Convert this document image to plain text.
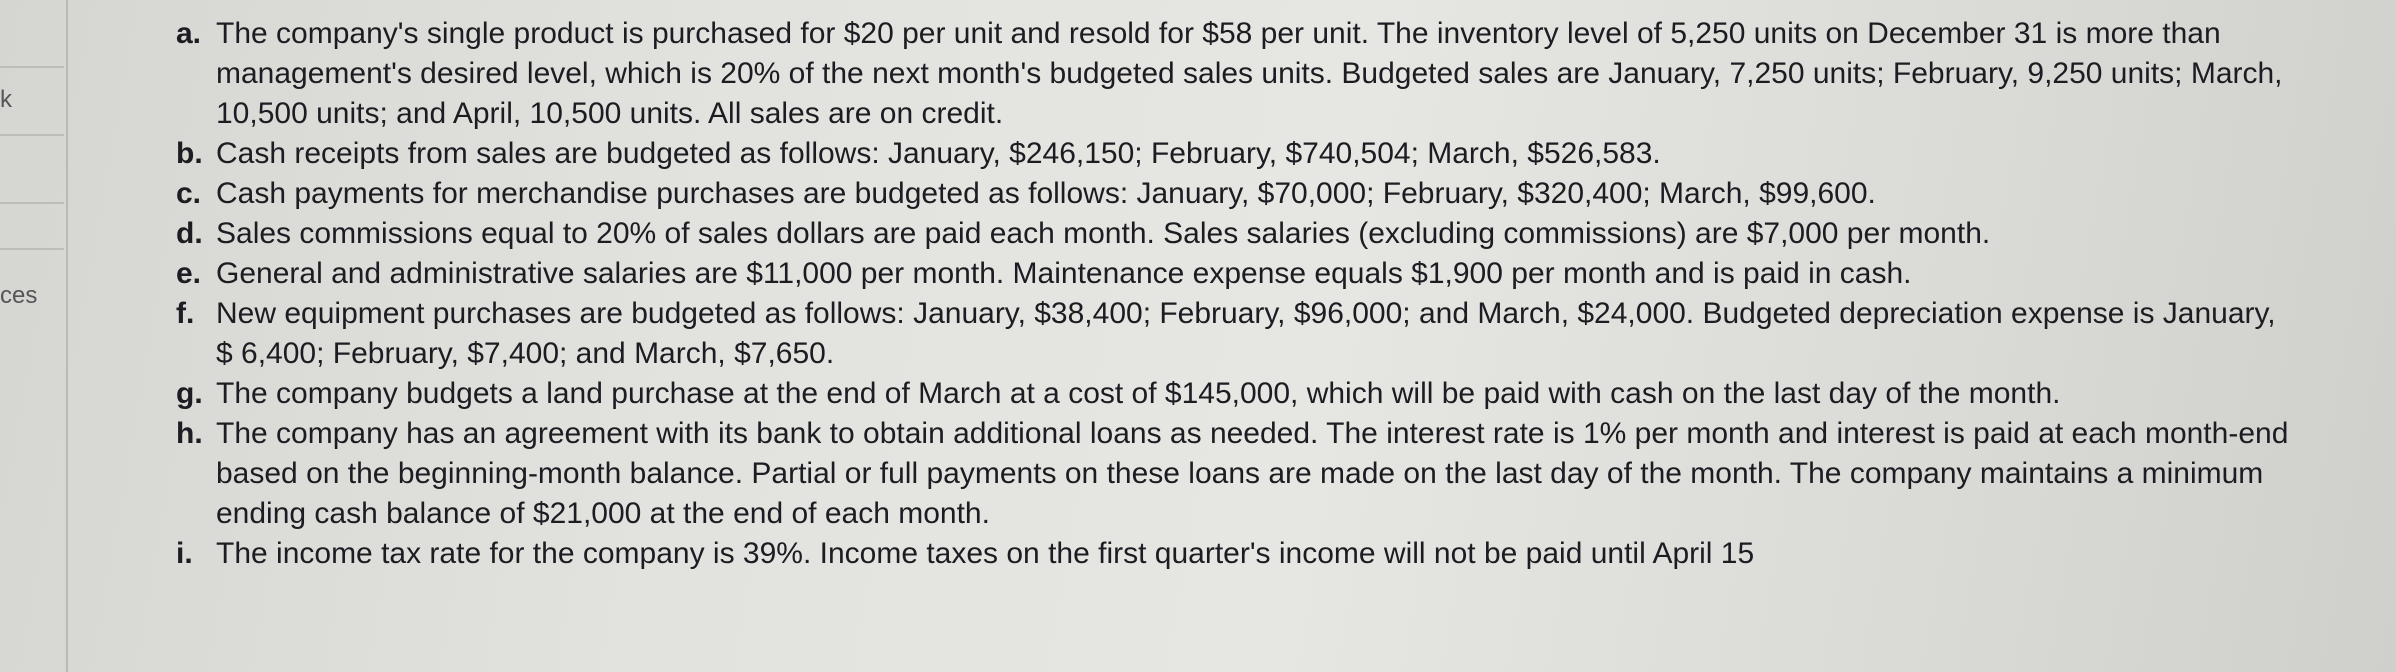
k
ces
a. The company's single product is purchased for $20 per unit and resold for $58 per unit. The inventory level of 5,250 units on December 31 is more than management's desired level, which is 20% of the next month's budgeted sales units. Budgeted sales are January, 7,250 units; February, 9,250 units; March, 10,500 units; and April, 10,500 units. All sales are on credit.
b. Cash receipts from sales are budgeted as follows: January, $246,150; February, $740,504; March, $526,583.
c. Cash payments for merchandise purchases are budgeted as follows: January, $70,000; February, $320,400; March, $99,600.
d. Sales commissions equal to 20% of sales dollars are paid each month. Sales salaries (excluding commissions) are $7,000 per month.
e. General and administrative salaries are $11,000 per month. Maintenance expense equals $1,900 per month and is paid in cash.
f. New equipment purchases are budgeted as follows: January, $38,400; February, $96,000; and March, $24,000. Budgeted depreciation expense is January, $ 6,400; February, $7,400; and March, $7,650.
g. The company budgets a land purchase at the end of March at a cost of $145,000, which will be paid with cash on the last day of the month.
h. The company has an agreement with its bank to obtain additional loans as needed. The interest rate is 1% per month and interest is paid at each month-end based on the beginning-month balance. Partial or full payments on these loans are made on the last day of the month. The company maintains a minimum ending cash balance of $21,000 at the end of each month.
i. The income tax rate for the company is 39%. Income taxes on the first quarter's income will not be paid until April 15
